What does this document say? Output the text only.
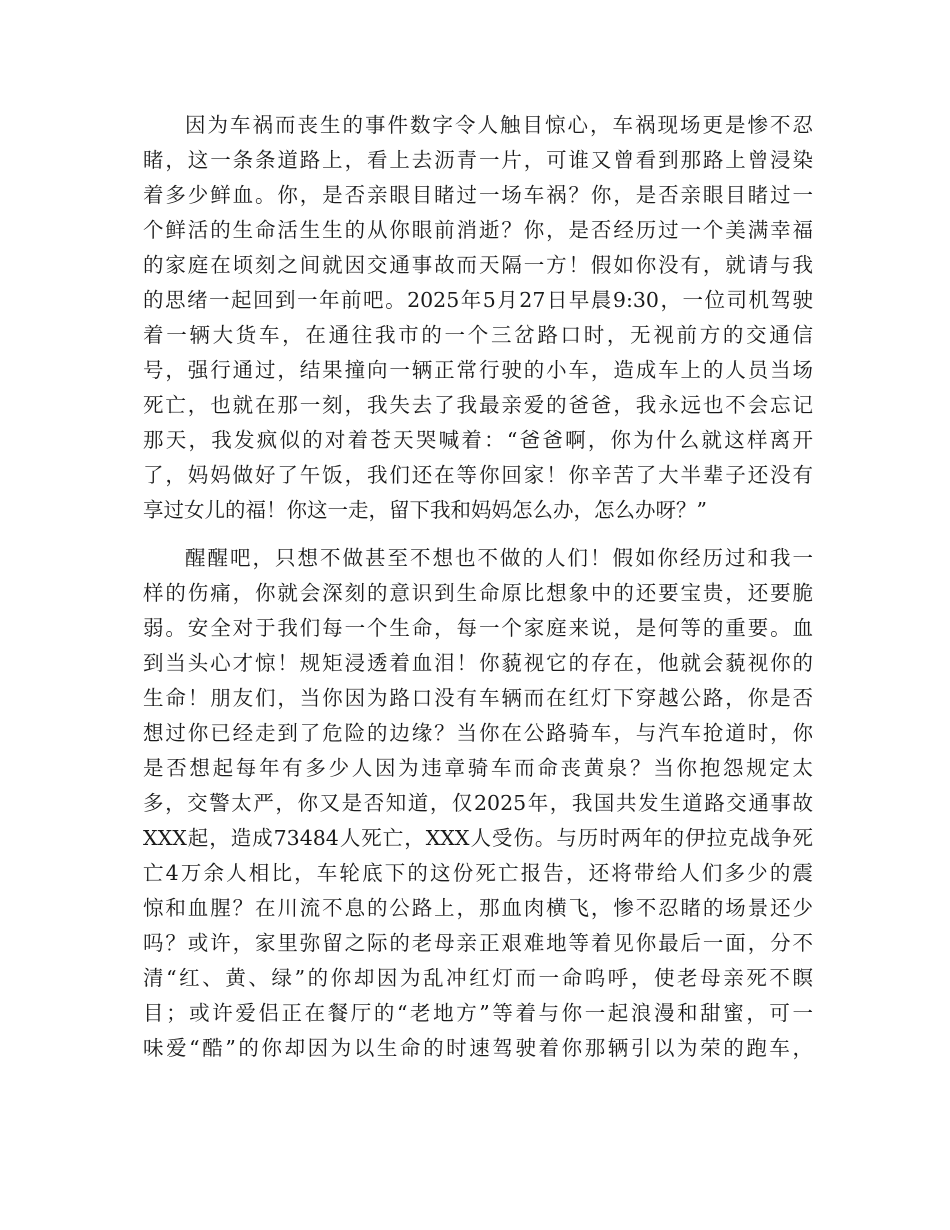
因为车祸而丧生的事件数字令人触目惊心，车祸现场更是惨不忍
睹，这一条条道路上，看上去沥青一片，可谁又曾看到那路上曾浸染
着多少鲜血。你，是否亲眼目睹过一场车祸？你，是否亲眼目睹过一
个鲜活的生命活生生的从你眼前消逝？你，是否经历过一个美满幸福
的家庭在顷刻之间就因交通事故而天隔一方！假如你没有，就请与我
的思绪一起回到一年前吧。2025年5月27日早晨9:30，一位司机驾驶
着一辆大货车，在通往我市的一个三岔路口时，无视前方的交通信
号，强行通过，结果撞向一辆正常行驶的小车，造成车上的人员当场
死亡，也就在那一刻，我失去了我最亲爱的爸爸，我永远也不会忘记
那天，我发疯似的对着苍天哭喊着：“爸爸啊，你为什么就这样离开
了，妈妈做好了午饭，我们还在等你回家！你辛苦了大半辈子还没有
享过女儿的福！你这一走，留下我和妈妈怎么办，怎么办呀？”
醒醒吧，只想不做甚至不想也不做的人们！假如你经历过和我一
样的伤痛，你就会深刻的意识到生命原比想象中的还要宝贵，还要脆
弱。安全对于我们每一个生命，每一个家庭来说，是何等的重要。血
到当头心才惊！规矩浸透着血泪！你藐视它的存在，他就会藐视你的
生命！朋友们，当你因为路口没有车辆而在红灯下穿越公路，你是否
想过你已经走到了危险的边缘？当你在公路骑车，与汽车抢道时，你
是否想起每年有多少人因为违章骑车而命丧黄泉？当你抱怨规定太
多，交警太严，你又是否知道，仅2025年，我国共发生道路交通事故
XXX起，造成73484人死亡，XXX人受伤。与历时两年的伊拉克战争死
亡4万余人相比，车轮底下的这份死亡报告，还将带给人们多少的震
惊和血腥？在川流不息的公路上，那血肉横飞，惨不忍睹的场景还少
吗？或许，家里弥留之际的老母亲正艰难地等着见你最后一面，分不
清“红、黄、绿”的你却因为乱冲红灯而一命呜呼，使老母亲死不瞑
目；或许爱侣正在餐厅的“老地方”等着与你一起浪漫和甜蜜，可一
味爱“酷”的你却因为以生命的时速驾驶着你那辆引以为荣的跑车，
